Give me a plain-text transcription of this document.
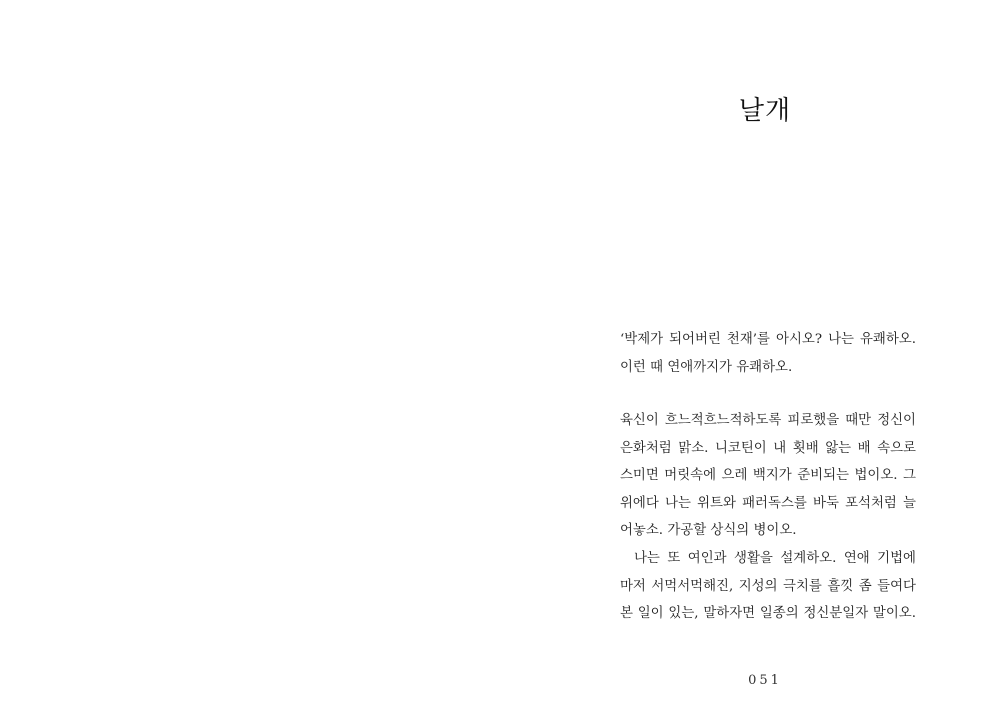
날개
‘박제가 되어버린 천재’를 아시오? 나는 유쾌하오.
이런 때 연애까지가 유쾌하오.
육신이 흐느적흐느적하도록 피로했을 때만 정신이
은화처럼 맑소. 니코틴이 내 횟배 앓는 배 속으로
스미면 머릿속에 으레 백지가 준비되는 법이오. 그
위에다 나는 위트와 패러독스를 바둑 포석처럼 늘
어놓소. 가공할 상식의 병이오.
나는 또 여인과 생활을 설계하오. 연애 기법에
마저 서먹서먹해진, 지성의 극치를 흘낏 좀 들여다
본 일이 있는, 말하자면 일종의 정신분일자 말이오.
051
